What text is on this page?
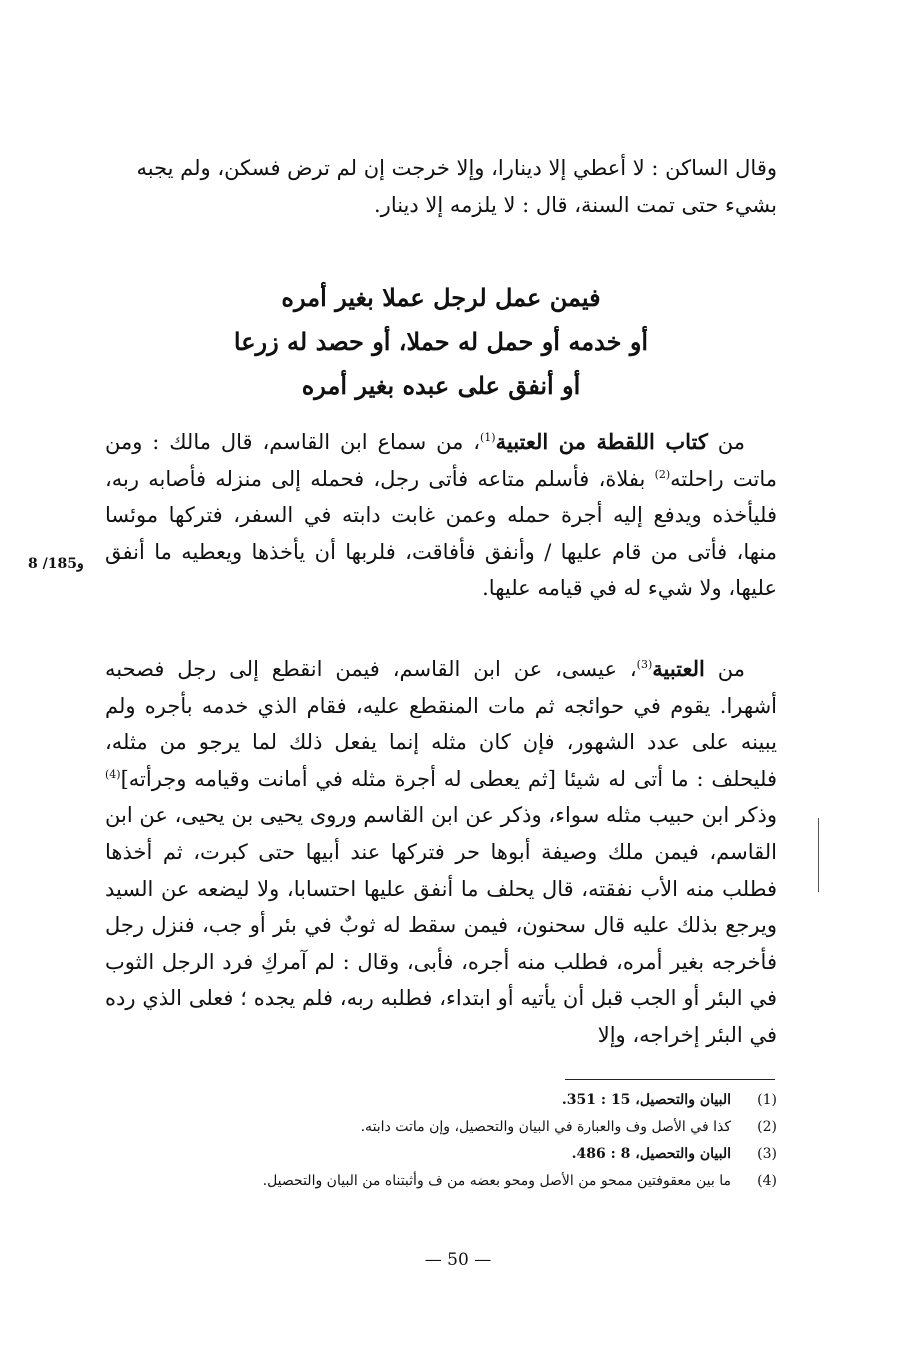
وقال الساكن : لا أعطي إلا دينارا، وإلا خرجت إن لم ترض فسكن، ولم يجبه
بشيء حتى تمت السنة، قال : لا يلزمه إلا دينار.
فيمن عمل لرجل عملا بغير أمره
أو خدمه أو حمل له حملا، أو حصد له زرعا
أو أنفق على عبده بغير أمره
من كتاب اللقطة من العتبية$^{(1)}$، من سماع ابن القاسم، قال مالك : ومن ماتت راحلته$^{(2)}$ بفلاة، فأسلم متاعه فأتى رجل، فحمله إلى منزله فأصابه ربه، فليأخذه ويدفع إليه أجرة حمله وعمن غابت دابته في السفر، فتركها موئسا منها، فأتى من قام عليها / وأنفق فأفاقت، فلربها أن يأخذها ويعطيه ما أنفق عليها، ولا شيء له في قيامه عليها.
8 /185و
من العتبية$^{(3)}$، عيسى، عن ابن القاسم، فيمن انقطع إلى رجل فصحبه أشهرا. يقوم في حوائجه ثم مات المنقطع عليه، فقام الذي خدمه بأجره ولم يبينه على عدد الشهور، فإن كان مثله إنما يفعل ذلك لما يرجو من مثله، فليحلف : ما أتى له شيئا [ثم يعطى له أجرة مثله في أمانت وقيامه وجرأته]$^{(4)}$ وذكر ابن حبيب مثله سواء، وذكر عن ابن القاسم وروى يحيى بن يحيى، عن ابن القاسم، فيمن ملك وصيفة أبوها حر فتركها عند أبيها حتى كبرت، ثم أخذها فطلب منه الأب نفقته، قال يحلف ما أنفق عليها احتسابا، ولا ليضعه عن السيد ويرجع بذلك عليه قال سحنون، فيمن سقط له ثوبٌ في بئر أو جب، فنزل رجل فأخرجه بغير أمره، فطلب منه أجره، فأبى، وقال : لم آمركِ فرد الرجل الثوب في البئر أو الجب قبل أن يأتيه أو ابتداء، فطلبه ربه، فلم يجده ؛ فعلى الذي رده في البئر إخراجه، وإلا
(1)
البيان والتحصيل، 15 : 351.
(2)
كذا في الأصل وف والعبارة في البيان والتحصيل، وإن ماتت دابته.
(3)
البيان والتحصيل، 8 : 486.
(4)
ما بين معقوفتين ممحو من الأصل ومحو بعضه من ف وأثبتناه من البيان والتحصيل.
— 50 —
